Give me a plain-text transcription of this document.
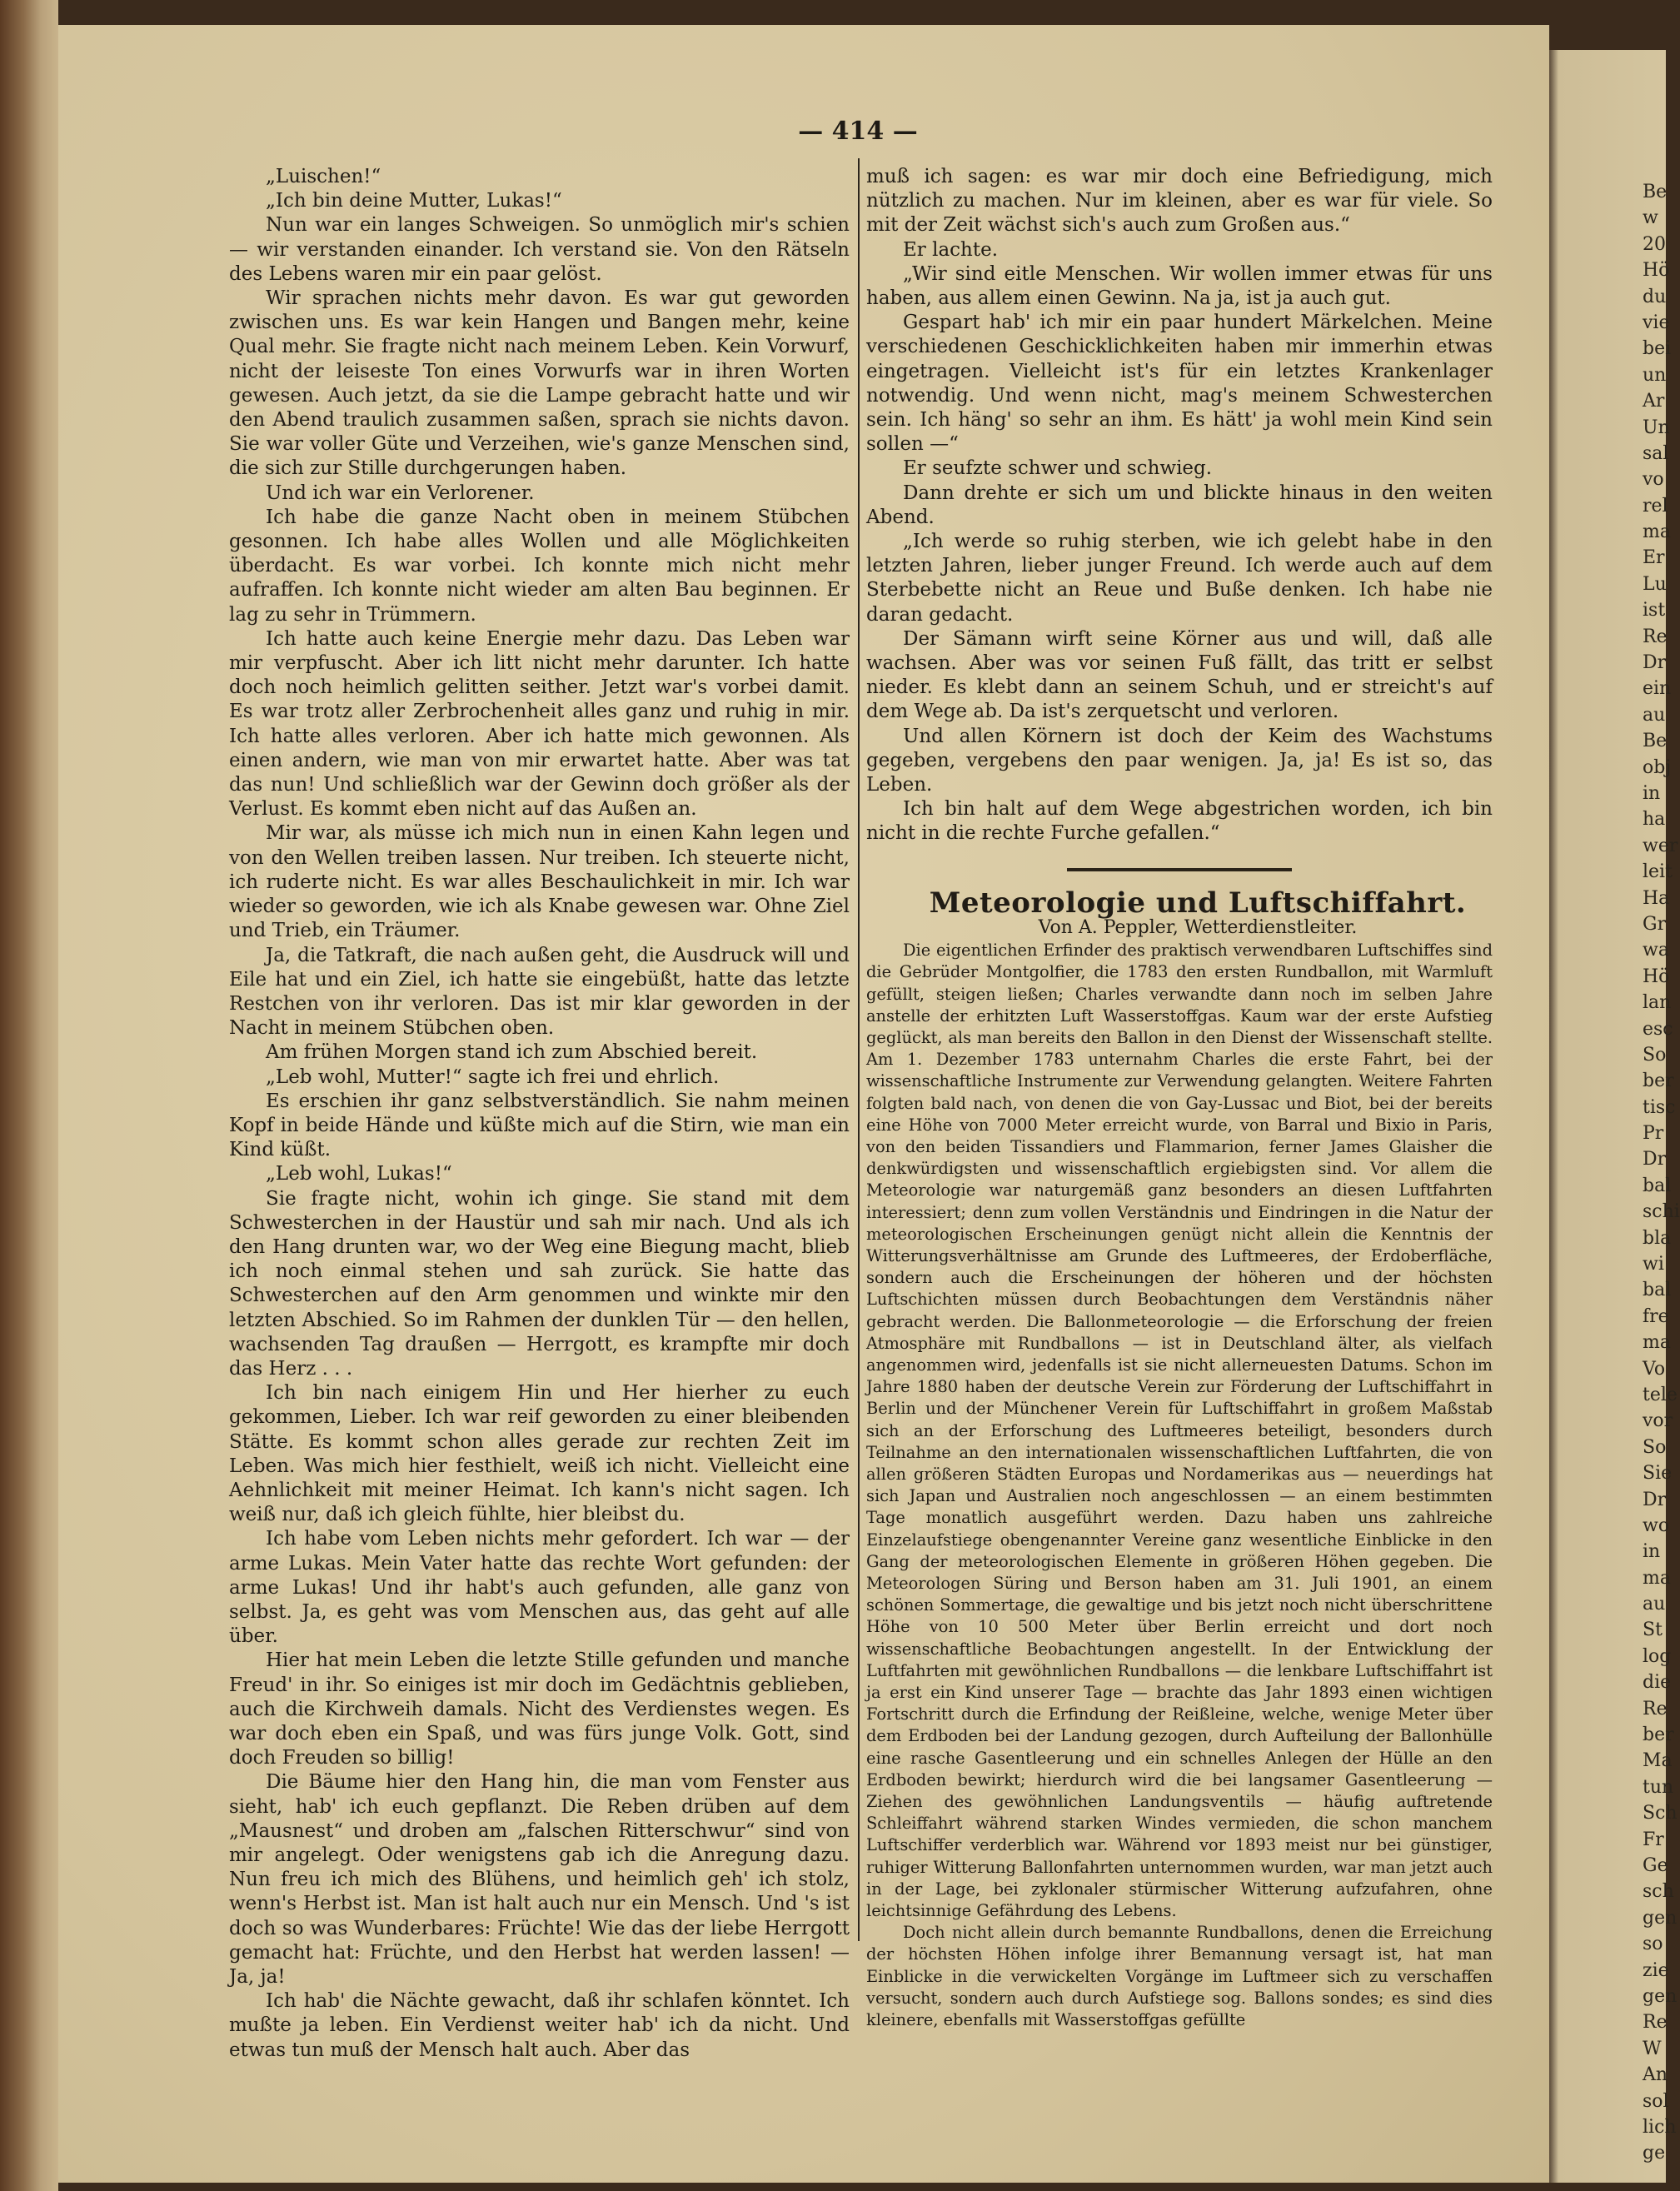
— 414 —

„Luischen!“

„Ich bin deine Mutter, Lukas!“

Nun war ein langes Schweigen. So unmöglich mir's schien — wir verstanden einander. Ich verstand sie. Von den Rätseln des Lebens waren mir ein paar gelöst.

Wir sprachen nichts mehr davon. Es war gut geworden zwischen uns. Es war kein Hangen und Bangen mehr, keine Qual mehr. Sie fragte nicht nach meinem Leben. Kein Vorwurf, nicht der leiseste Ton eines Vorwurfs war in ihren Worten gewesen. Auch jetzt, da sie die Lampe gebracht hatte und wir den Abend traulich zusammen saßen, sprach sie nichts davon. Sie war voller Güte und Verzeihen, wie's ganze Menschen sind, die sich zur Stille durchgerungen haben.

Und ich war ein Verlorener.

Ich habe die ganze Nacht oben in meinem Stübchen gesonnen. Ich habe alles Wollen und alle Möglichkeiten überdacht. Es war vorbei. Ich konnte mich nicht mehr aufraffen. Ich konnte nicht wieder am alten Bau beginnen. Er lag zu sehr in Trümmern.

Ich hatte auch keine Energie mehr dazu. Das Leben war mir verpfuscht. Aber ich litt nicht mehr darunter. Ich hatte doch noch heimlich gelitten seither. Jetzt war's vorbei damit. Es war trotz aller Zerbrochenheit alles ganz und ruhig in mir. Ich hatte alles verloren. Aber ich hatte mich gewonnen. Als einen andern, wie man von mir erwartet hatte. Aber was tat das nun! Und schließlich war der Gewinn doch größer als der Verlust. Es kommt eben nicht auf das Außen an.

Mir war, als müsse ich mich nun in einen Kahn legen und von den Wellen treiben lassen. Nur treiben. Ich steuerte nicht, ich ruderte nicht. Es war alles Beschaulichkeit in mir. Ich war wieder so geworden, wie ich als Knabe gewesen war. Ohne Ziel und Trieb, ein Träumer.

Ja, die Tatkraft, die nach außen geht, die Ausdruck will und Eile hat und ein Ziel, ich hatte sie eingebüßt, hatte das letzte Restchen von ihr verloren. Das ist mir klar geworden in der Nacht in meinem Stübchen oben.

Am frühen Morgen stand ich zum Abschied bereit.

„Leb wohl, Mutter!“ sagte ich frei und ehrlich.

Es erschien ihr ganz selbstverständlich. Sie nahm meinen Kopf in beide Hände und küßte mich auf die Stirn, wie man ein Kind küßt.

„Leb wohl, Lukas!“

Sie fragte nicht, wohin ich ginge. Sie stand mit dem Schwesterchen in der Haustür und sah mir nach. Und als ich den Hang drunten war, wo der Weg eine Biegung macht, blieb ich noch einmal stehen und sah zurück. Sie hatte das Schwesterchen auf den Arm genommen und winkte mir den letzten Abschied. So im Rahmen der dunklen Tür — den hellen, wachsenden Tag draußen — Herrgott, es krampfte mir doch das Herz . . .

Ich bin nach einigem Hin und Her hierher zu euch gekommen, Lieber. Ich war reif geworden zu einer bleibenden Stätte. Es kommt schon alles gerade zur rechten Zeit im Leben. Was mich hier festhielt, weiß ich nicht. Vielleicht eine Aehnlichkeit mit meiner Heimat. Ich kann's nicht sagen. Ich weiß nur, daß ich gleich fühlte, hier bleibst du.

Ich habe vom Leben nichts mehr gefordert. Ich war — der arme Lukas. Mein Vater hatte das rechte Wort gefunden: der arme Lukas! Und ihr habt's auch gefunden, alle ganz von selbst. Ja, es geht was vom Menschen aus, das geht auf alle über.

Hier hat mein Leben die letzte Stille gefunden und manche Freud' in ihr. So einiges ist mir doch im Gedächtnis geblieben, auch die Kirchweih damals. Nicht des Verdienstes wegen. Es war doch eben ein Spaß, und was fürs junge Volk. Gott, sind doch Freuden so billig!

Die Bäume hier den Hang hin, die man vom Fenster aus sieht, hab' ich euch gepflanzt. Die Reben drüben auf dem „Mausnest“ und droben am „falschen Ritterschwur“ sind von mir angelegt. Oder wenigstens gab ich die Anregung dazu. Nun freu ich mich des Blühens, und heimlich geh' ich stolz, wenn's Herbst ist. Man ist halt auch nur ein Mensch. Und 's ist doch so was Wunderbares: Früchte! Wie das der liebe Herrgott gemacht hat: Früchte, und den Herbst hat werden lassen! — Ja, ja!

Ich hab' die Nächte gewacht, daß ihr schlafen könntet. Ich mußte ja leben. Ein Verdienst weiter hab' ich da nicht. Und etwas tun muß der Mensch halt auch. Aber das

muß ich sagen: es war mir doch eine Befriedigung, mich nützlich zu machen. Nur im kleinen, aber es war für viele. So mit der Zeit wächst sich's auch zum Großen aus.“

Er lachte.

„Wir sind eitle Menschen. Wir wollen immer etwas für uns haben, aus allem einen Gewinn. Na ja, ist ja auch gut.

Gespart hab' ich mir ein paar hundert Märkelchen. Meine verschiedenen Geschicklichkeiten haben mir immerhin etwas eingetragen. Vielleicht ist's für ein letztes Krankenlager notwendig. Und wenn nicht, mag's meinem Schwesterchen sein. Ich häng' so sehr an ihm. Es hätt' ja wohl mein Kind sein sollen —“

Er seufzte schwer und schwieg.

Dann drehte er sich um und blickte hinaus in den weiten Abend.

„Ich werde so ruhig sterben, wie ich gelebt habe in den letzten Jahren, lieber junger Freund. Ich werde auch auf dem Sterbebette nicht an Reue und Buße denken. Ich habe nie daran gedacht.

Der Sämann wirft seine Körner aus und will, daß alle wachsen. Aber was vor seinen Fuß fällt, das tritt er selbst nieder. Es klebt dann an seinem Schuh, und er streicht's auf dem Wege ab. Da ist's zerquetscht und verloren.

Und allen Körnern ist doch der Keim des Wachstums gegeben, vergebens den paar wenigen. Ja, ja! Es ist so, das Leben.

Ich bin halt auf dem Wege abgestrichen worden, ich bin nicht in die rechte Furche gefallen.“

Meteorologie und Luftschiffahrt.

Von A. Peppler, Wetterdienstleiter.

Die eigentlichen Erfinder des praktisch verwendbaren Luftschiffes sind die Gebrüder Montgolfier, die 1783 den ersten Rundballon, mit Warmluft gefüllt, steigen ließen; Charles verwandte dann noch im selben Jahre anstelle der erhitzten Luft Wasserstoffgas. Kaum war der erste Aufstieg geglückt, als man bereits den Ballon in den Dienst der Wissenschaft stellte. Am 1. Dezember 1783 unternahm Charles die erste Fahrt, bei der wissenschaftliche Instrumente zur Verwendung gelangten. Weitere Fahrten folgten bald nach, von denen die von Gay-Lussac und Biot, bei der bereits eine Höhe von 7000 Meter erreicht wurde, von Barral und Bixio in Paris, von den beiden Tissandiers und Flammarion, ferner James Glaisher die denkwürdigsten und wissenschaftlich ergiebigsten sind. Vor allem die Meteorologie war naturgemäß ganz besonders an diesen Luftfahrten interessiert; denn zum vollen Verständnis und Eindringen in die Natur der meteorologischen Erscheinungen genügt nicht allein die Kenntnis der Witterungsverhältnisse am Grunde des Luftmeeres, der Erdoberfläche, sondern auch die Erscheinungen der höheren und der höchsten Luftschichten müssen durch Beobachtungen dem Verständnis näher gebracht werden. Die Ballonmeteorologie — die Erforschung der freien Atmosphäre mit Rundballons — ist in Deutschland älter, als vielfach angenommen wird, jedenfalls ist sie nicht allerneuesten Datums. Schon im Jahre 1880 haben der deutsche Verein zur Förderung der Luftschiffahrt in Berlin und der Münchener Verein für Luftschiffahrt in großem Maßstab sich an der Erforschung des Luftmeeres beteiligt, besonders durch Teilnahme an den internationalen wissenschaftlichen Luftfahrten, die von allen größeren Städten Europas und Nordamerikas aus — neuerdings hat sich Japan und Australien noch angeschlossen — an einem bestimmten Tage monatlich ausgeführt werden. Dazu haben uns zahlreiche Einzelaufstiege obengenannter Vereine ganz wesentliche Einblicke in den Gang der meteorologischen Elemente in größeren Höhen gegeben. Die Meteorologen Süring und Berson haben am 31. Juli 1901, an einem schönen Sommertage, die gewaltige und bis jetzt noch nicht überschrittene Höhe von 10 500 Meter über Berlin erreicht und dort noch wissenschaftliche Beobachtungen angestellt. In der Entwicklung der Luftfahrten mit gewöhnlichen Rundballons — die lenkbare Luftschiffahrt ist ja erst ein Kind unserer Tage — brachte das Jahr 1893 einen wichtigen Fortschritt durch die Erfindung der Reißleine, welche, wenige Meter über dem Erdboden bei der Landung gezogen, durch Aufteilung der Ballonhülle eine rasche Gasentleerung und ein schnelles Anlegen der Hülle an den Erdboden bewirkt; hierdurch wird die bei langsamer Gasentleerung — Ziehen des gewöhnlichen Landungsventils — häufig auftretende Schleiffahrt während starken Windes vermieden, die schon manchem Luftschiffer verderblich war. Während vor 1893 meist nur bei günstiger, ruhiger Witterung Ballonfahrten unternommen wurden, war man jetzt auch in der Lage, bei zyklonaler stürmischer Witterung aufzufahren, ohne leichtsinnige Gefährdung des Lebens.

Doch nicht allein durch bemannte Rundballons, denen die Erreichung der höchsten Höhen infolge ihrer Bemannung versagt ist, hat man Einblicke in die verwickelten Vorgänge im Luftmeer sich zu verschaffen versucht, sondern auch durch Aufstiege sog. Ballons sondes; es sind dies kleinere, ebenfalls mit Wasserstoffgas gefüllte

Be
w
20
Hö
du
vie
bei
un
Ar
Un
sal
vo
rel
ma
Er
Lu
ist
Re
Dr
ein
au
Be
obj
in
ha
wer
leit
Ha
Gr
wa
Hö
lan
esc
So
ber
tisc
Pr
Dr
bal
schi
bla
wi
bal
fre
ma
Vo
tele
vor
So
Sie
Dr
wo
in
ma
au
St
log
die
Re
ber
Ma
tun
Sch
Fr
Ge
sch
gen
so
zie
gen
Re
W
An
sol
lich
ge
